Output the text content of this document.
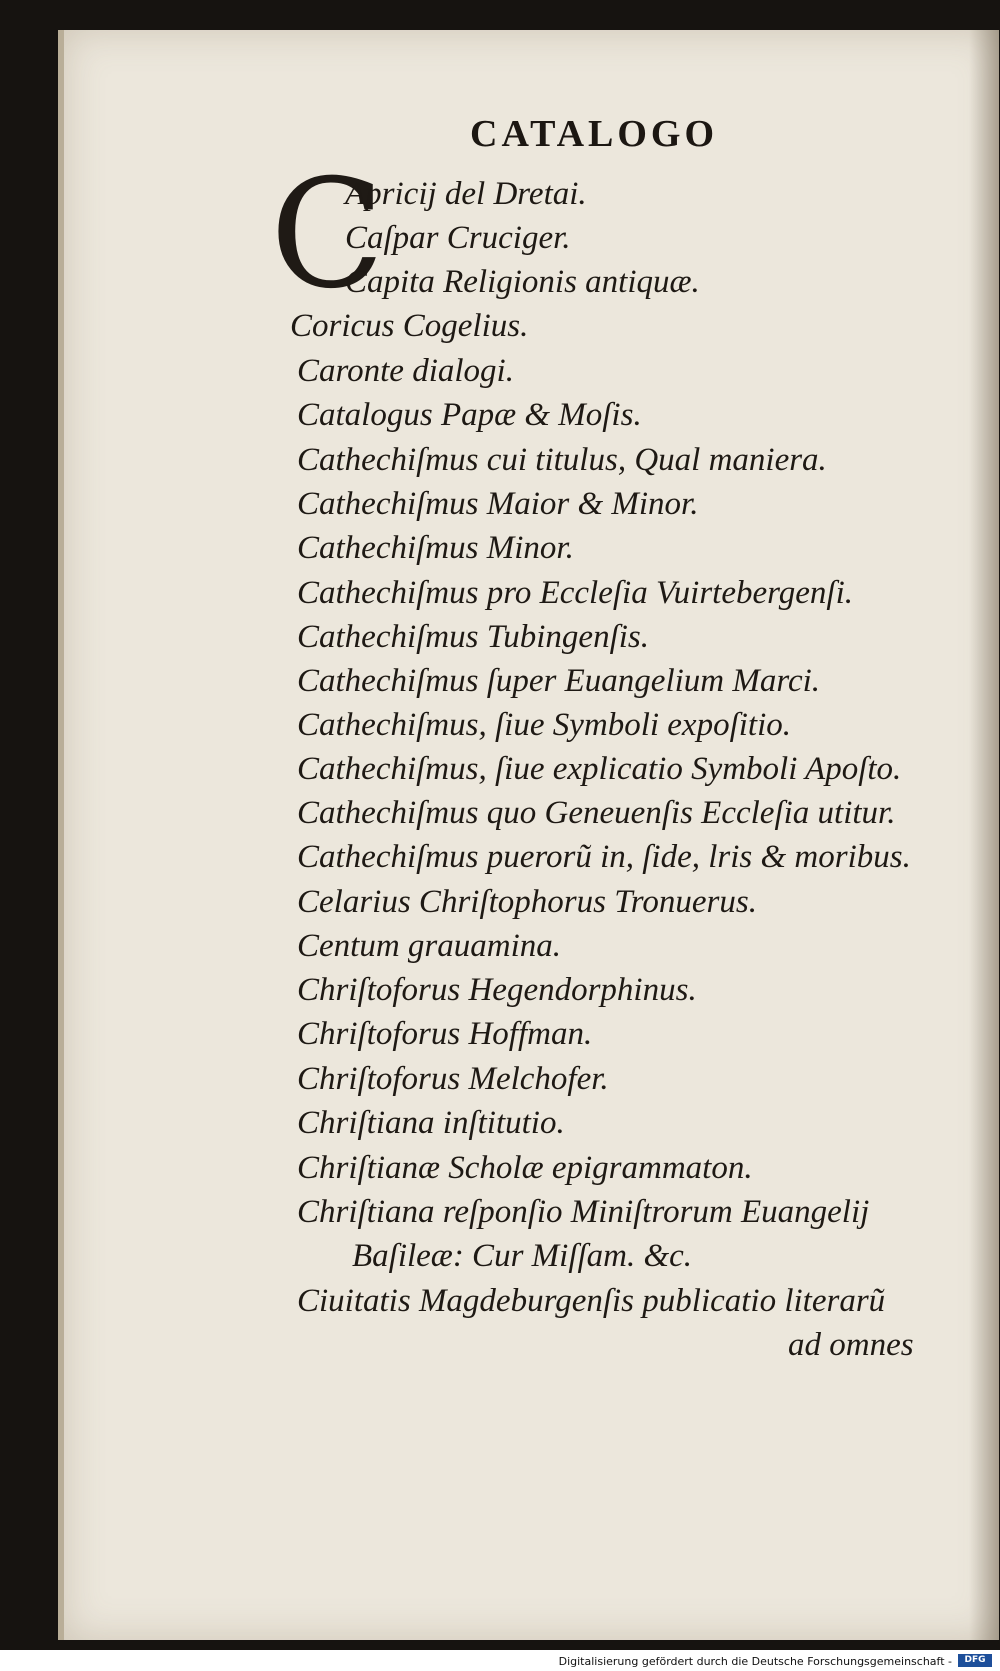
CATALOGO
C
Apricij del Dretai.
Caſpar Cruciger.
Capita Religionis antiquæ.
Coricus Cogelius.
Caronte dialogi.
Catalogus Papæ & Moſis.
Cathechiſmus cui titulus, Qual maniera.
Cathechiſmus Maior & Minor.
Cathechiſmus Minor.
Cathechiſmus pro Eccleſia Vuirtebergenſi.
Cathechiſmus Tubingenſis.
Cathechiſmus ſuper Euangelium Marci.
Cathechiſmus, ſiue Symboli expoſitio.
Cathechiſmus, ſiue explicatio Symboli Apoſto.
Cathechiſmus quo Geneuenſis Eccleſia utitur.
Cathechiſmus puerorũ in, ſide, lris & moribus.
Celarius Chriſtophorus Tronuerus.
Centum grauamina.
Chriſtoforus Hegendorphinus.
Chriſtoforus Hoffman.
Chriſtoforus Melchofer.
Chriſtiana inſtitutio.
Chriſtianæ Scholæ epigrammaton.
Chriſtiana reſponſio Miniſtrorum Euangelij
Baſileæ: Cur Miſſam. &c.
Ciuitatis Magdeburgenſis publicatio literarũ
ad omnes
Digitalisierung gefördert durch die Deutsche Forschungsgemeinschaft -	DFG
